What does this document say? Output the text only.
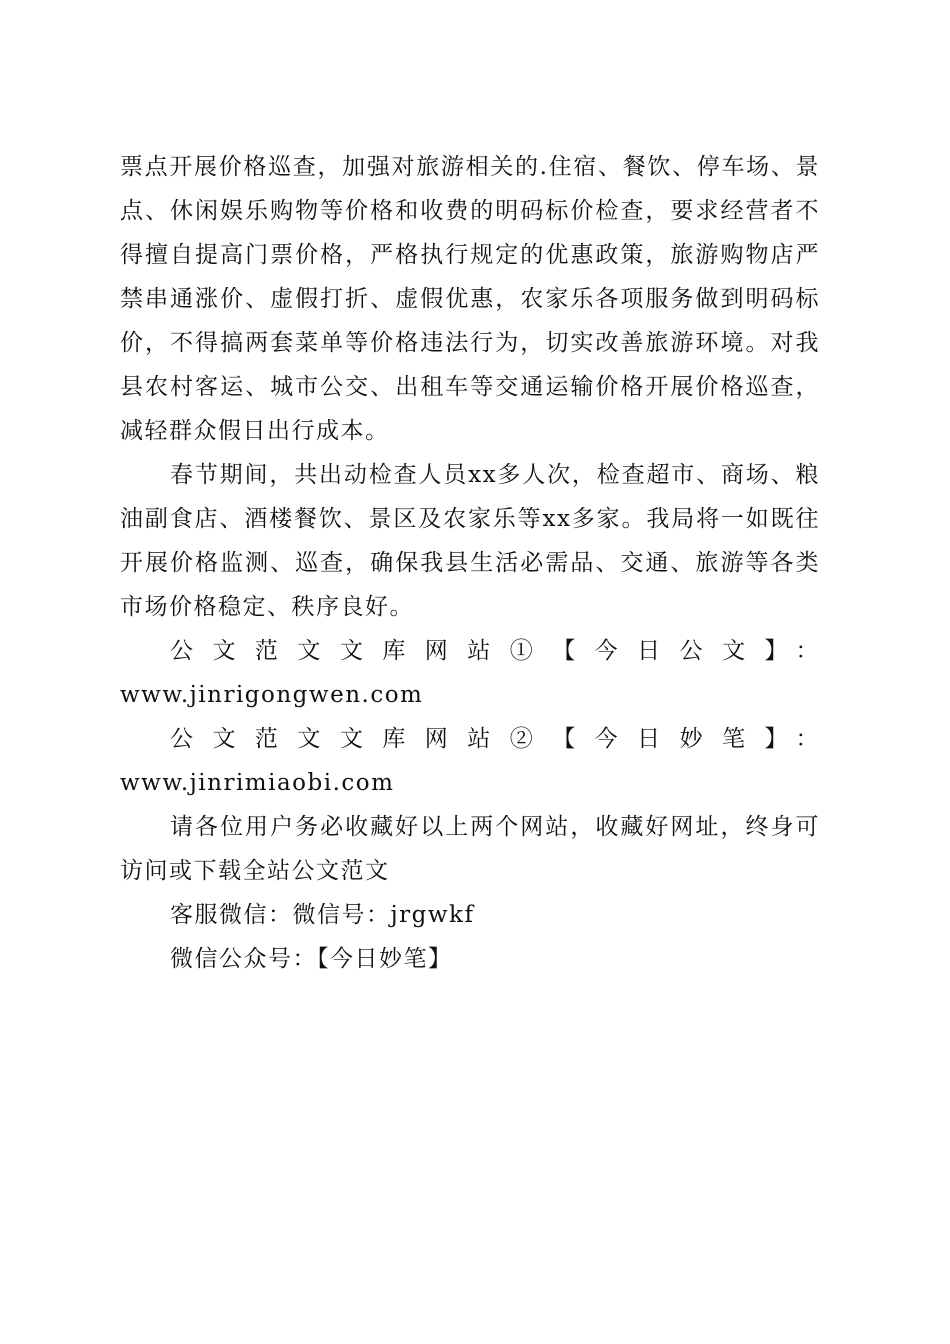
票点开展价格巡查，加强对旅游相关的.住宿、餐饮、停车场、景点、休闲娱乐购物等价格和收费的明码标价检查，要求经营者不得擅自提高门票价格，严格执行规定的优惠政策，旅游购物店严禁串通涨价、虚假打折、虚假优惠，农家乐各项服务做到明码标价，不得搞两套菜单等价格违法行为，切实改善旅游环境。对我县农村客运、城市公交、出租车等交通运输价格开展价格巡查，减轻群众假日出行成本。

春节期间，共出动检查人员xx多人次，检查超市、商场、粮油副食店、酒楼餐饮、景区及农家乐等xx多家。我局将一如既往开展价格监测、巡查，确保我县生活必需品、交通、旅游等各类市场价格稳定、秩序良好。

公文范文文库网站①【今日公文】：
www.jinrigongwen.com

公文范文文库网站②【今日妙笔】：www.jinrimiaobi.com

请各位用户务必收藏好以上两个网站，收藏好网址，终身可访问或下载全站公文范文

客服微信：微信号：jrgwkf

微信公众号：【今日妙笔】
